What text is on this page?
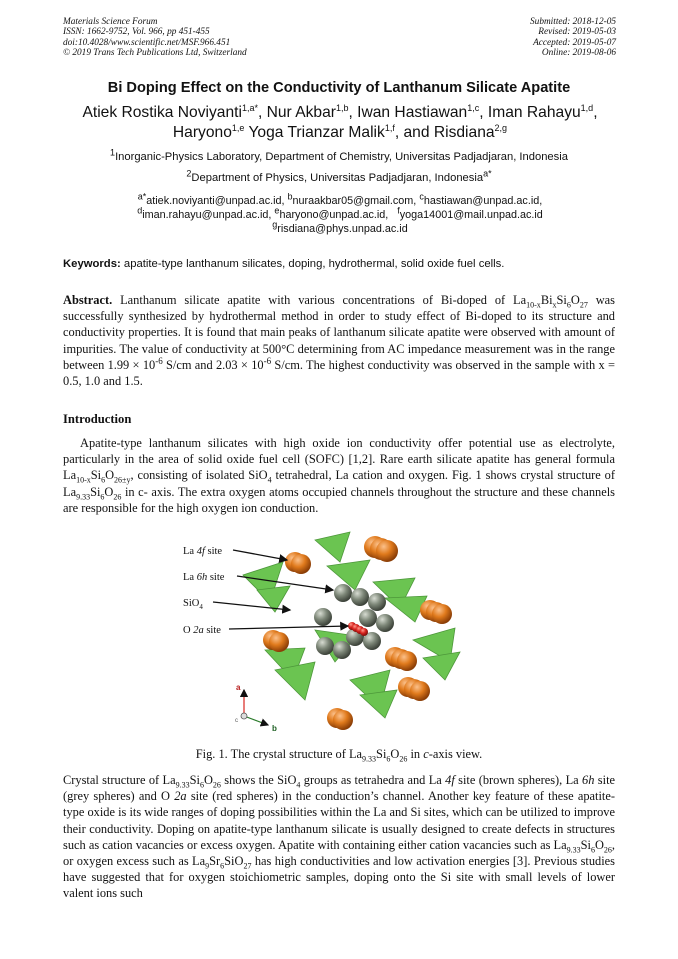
Materials Science Forum
ISSN: 1662-9752, Vol. 966, pp 451-455
doi:10.4028/www.scientific.net/MSF.966.451
© 2019 Trans Tech Publications Ltd, Switzerland
Submitted: 2018-12-05
Revised: 2019-05-03
Accepted: 2019-05-07
Online: 2019-08-06
Bi Doping Effect on the Conductivity of Lanthanum Silicate Apatite
Atiek Rostika Noviyanti$^{1,a*}$, Nur Akbar$^{1,b}$, Iwan Hastiawan$^{1,c}$, Iman Rahayu$^{1,d}$,
Haryono$^{1,e}$ Yoga Trianzar Malik$^{1,f}$, and Risdiana$^{2,g}$
$^1$Inorganic-Physics Laboratory, Department of Chemistry, Universitas Padjadjaran, Indonesia
$^2$Department of Physics, Universitas Padjadjaran, Indonesia$^{a*}$
$^{a*}$atiek.noviyanti@unpad.ac.id, $^b$nuraakbar05@gmail.com, $^c$hastiawan@unpad.ac.id,
$^d$iman.rahayu@unpad.ac.id, $^e$haryono@unpad.ac.id, $^f$yoga14001@mail.unpad.ac.id
$^g$risdiana@phys.unpad.ac.id
Keywords: apatite-type lanthanum silicates, doping, hydrothermal, solid oxide fuel cells.
Abstract. Lanthanum silicate apatite with various concentrations of Bi-doped of $La_{10-x}Bi_xSi_6O_{27}$ was successfully synthesized by hydrothermal method in order to study effect of Bi-doped to its structure and conductivity properties. It is found that main peaks of lanthanum silicate apatite were observed with amount of impurities. The value of conductivity at 500°C determining from AC impedance measurement was in the range between $1.99 \times 10^{-6}$ S/cm and $2.03 \times 10^{-6}$ S/cm. The highest conductivity was observed in the sample with x = 0.5, 1.0 and 1.5.
Introduction
Apatite-type lanthanum silicates with high oxide ion conductivity offer potential use as electrolyte, particularly in the area of solid oxide fuel cell (SOFC) [1,2]. Rare earth silicate apatite has general formula $La_{10-x}Si_6O_{26\pm y}$, consisting of isolated SiO$_4$ tetrahedral, La cation and oxygen. Fig. 1 shows crystal structure of $La_{9.33}Si_6O_{26}$ in c- axis. The extra oxygen atoms occupied channels throughout the structure and these channels are responsible for the high oxygen ion conduction.
La 4f site
La 6h site
SiO$_4$
O 2a site
a
b
c
Fig. 1. The crystal structure of $La_{9.33}Si_6O_{26}$ in c-axis view.
Crystal structure of $La_{9.33}Si_6O_{26}$ shows the SiO$_4$ groups as tetrahedra and La 4f site (brown spheres), La 6h site (grey spheres) and O 2a site (red spheres) in the conduction’s channel. Another key feature of these apatite-type oxide is its wide ranges of doping possibilities within the La and Si sites, which can be utilized to improve their conductivity. Doping on apatite-type lanthanum silicate is usually designed to create defects in structures such as cation vacancies or excess oxygen. Apatite with containing either cation vacancies such as $La_{9.33}Si_6O_{26}$, or oxygen excess such as $La_9Sr_6SiO_{27}$ has high conductivities and low activation energies [3]. Previous studies have suggested that for oxygen stoichiometric samples, doping onto the Si site with small levels of lower valent ions such
